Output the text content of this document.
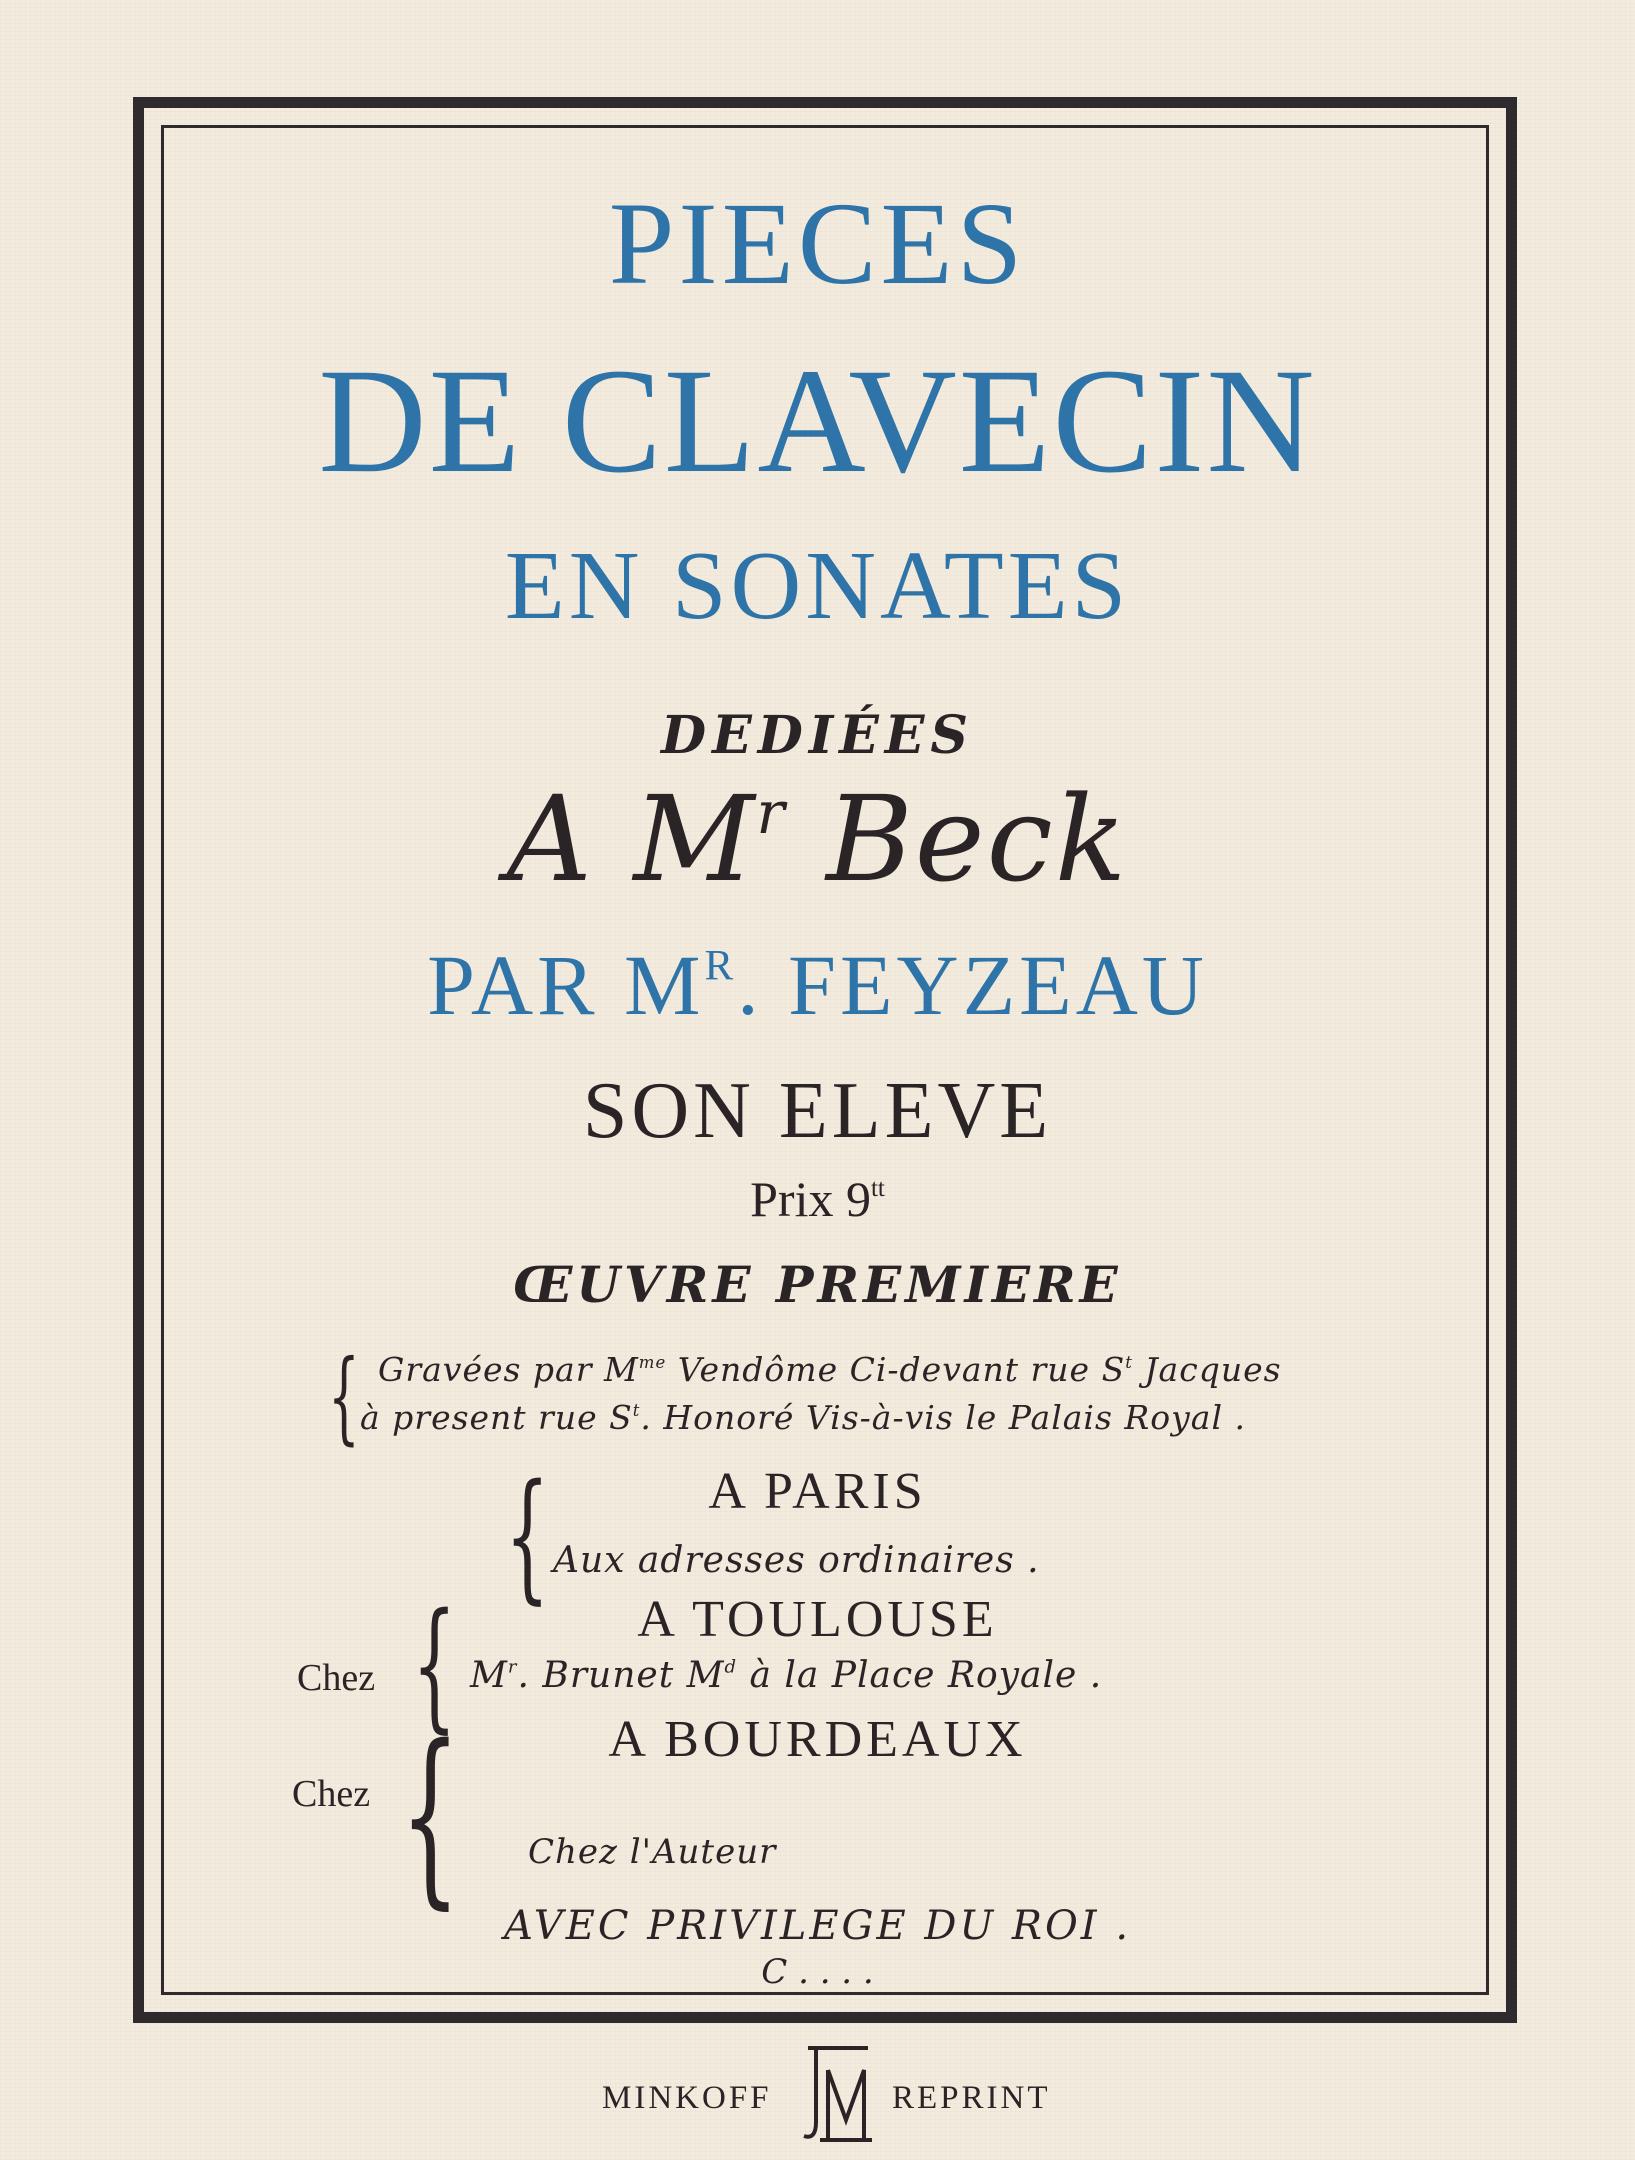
PIECES
DE CLAVECIN
EN SONATES
DEDIÉES
A $M^r$ Beck
PAR $M^R$. FEYZEAU
SON ELEVE
Prix $9^{tt}$
ŒUVRE PREMIERE
{ Gravées par $M^{me}$ Vendôme Ci-devant rue $S^t$ Jacques
à present rue $S^t$. Honoré Vis-à-vis le Palais Royal .
{	A PARIS
Aux adresses ordinaires .
Chez {	A TOULOUSE
$M^r$. Brunet $M^d$ à la Place Royale .
Chez {	A BOURDEAUX
Chez l'Auteur
AVEC PRIVILEGE DU ROI .
C . . . .
MINKOFF	REPRINT
